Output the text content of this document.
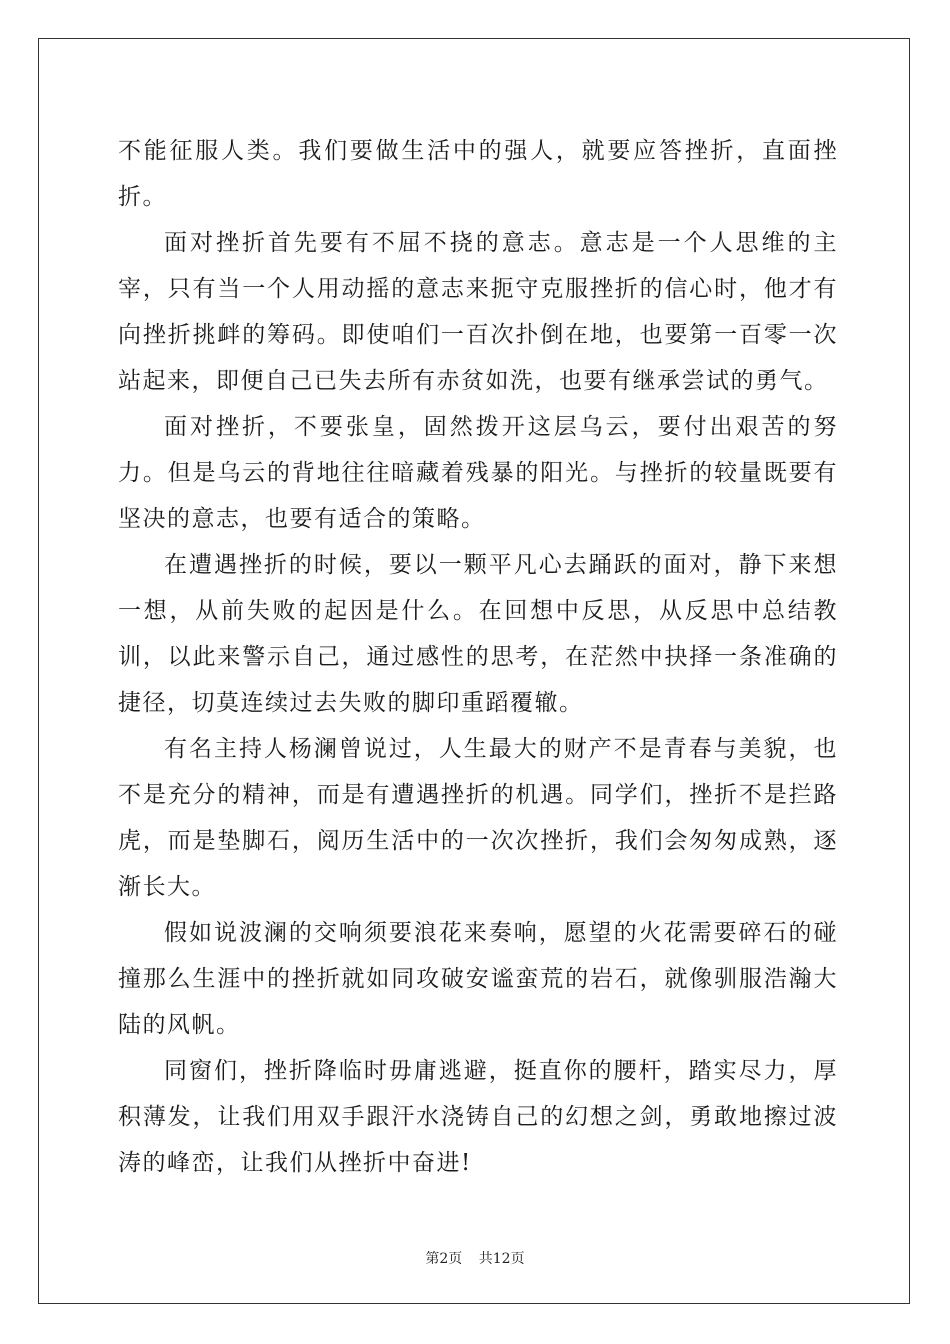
不能征服人类。我们要做生活中的强人，就要应答挫折，直面挫折。

面对挫折首先要有不屈不挠的意志。意志是一个人思维的主宰，只有当一个人用动摇的意志来扼守克服挫折的信心时，他才有向挫折挑衅的筹码。即使咱们一百次扑倒在地，也要第一百零一次站起来，即便自己已失去所有赤贫如洗，也要有继承尝试的勇气。

面对挫折，不要张皇，固然拨开这层乌云，要付出艰苦的努力。但是乌云的背地往往暗藏着残暴的阳光。与挫折的较量既要有坚决的意志，也要有适合的策略。

在遭遇挫折的时候，要以一颗平凡心去踊跃的面对，静下来想一想，从前失败的起因是什么。在回想中反思，从反思中总结教训，以此来警示自己，通过感性的思考，在茫然中抉择一条准确的捷径，切莫连续过去失败的脚印重蹈覆辙。

有名主持人杨澜曾说过，人生最大的财产不是青春与美貌，也不是充分的精神，而是有遭遇挫折的机遇。同学们，挫折不是拦路虎，而是垫脚石，阅历生活中的一次次挫折，我们会匆匆成熟，逐渐长大。

假如说波澜的交响须要浪花来奏响，愿望的火花需要碎石的碰撞那么生涯中的挫折就如同攻破安谧蛮荒的岩石，就像驯服浩瀚大陆的风帆。

同窗们，挫折降临时毋庸逃避，挺直你的腰杆，踏实尽力，厚积薄发，让我们用双手跟汗水浇铸自己的幻想之剑，勇敢地擦过波涛的峰峦，让我们从挫折中奋进!

第2页 共12页
